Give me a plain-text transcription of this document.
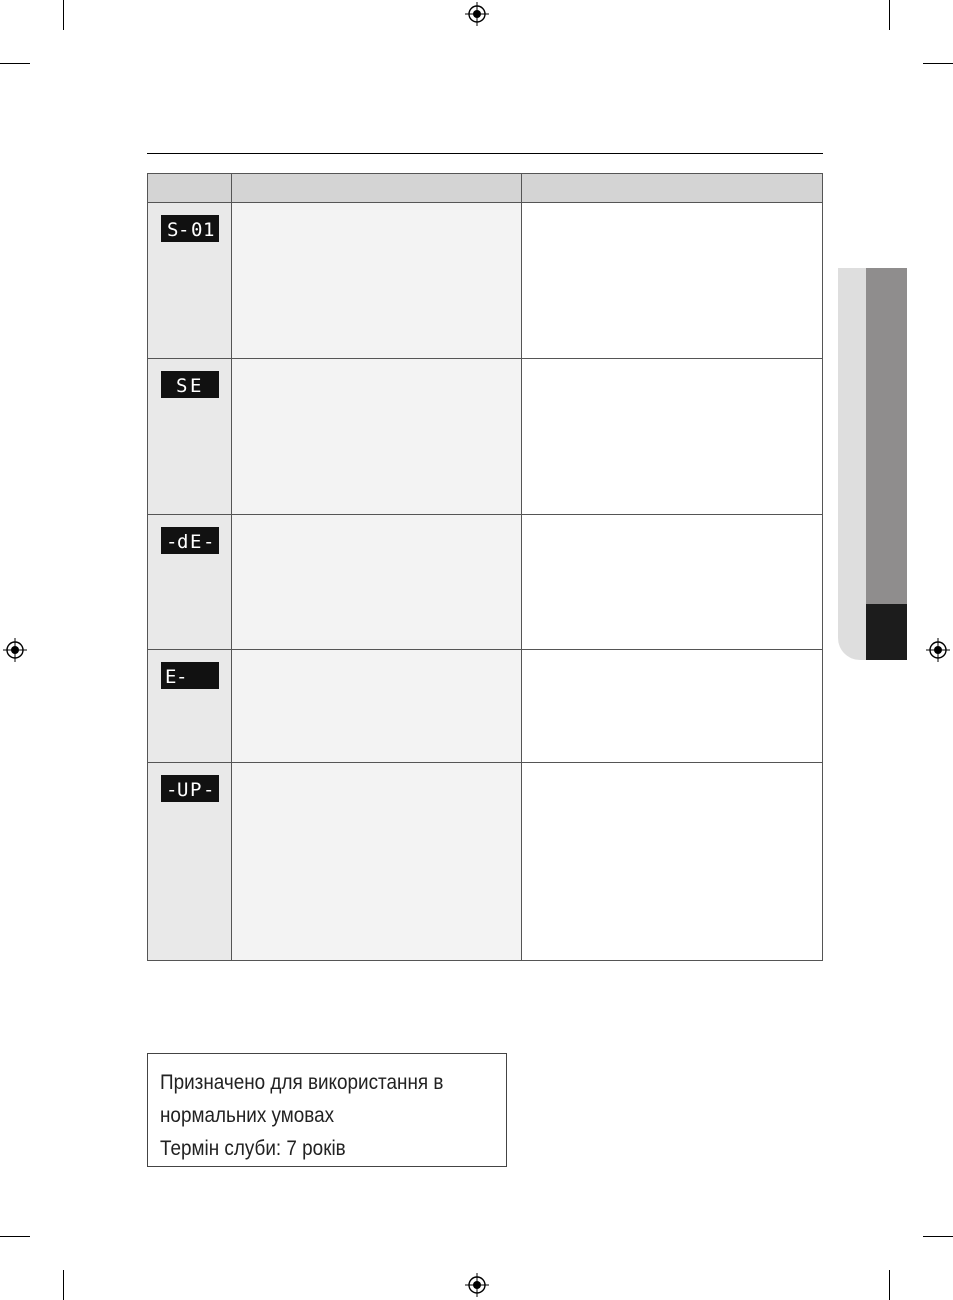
S - 0 1		

S E		

- d E -		

E -		

- U P -		

Призначено для використання в

нормальних умовах

Термін слуби: 7 років
